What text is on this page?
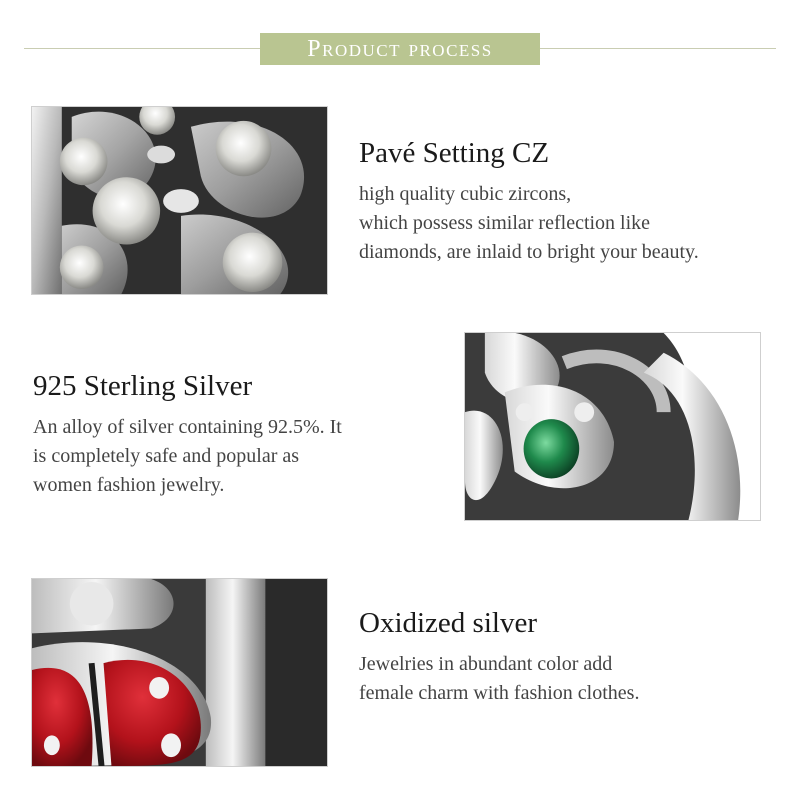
Product process
Pavé Setting CZ
high quality cubic zircons,
which possess similar reflection like
diamonds, are inlaid to bright your beauty.
925 Sterling Silver
An alloy of silver containing 92.5%. It
is completely safe and popular as
women fashion jewelry.
Oxidized silver
Jewelries in abundant color add
female charm with fashion clothes.
